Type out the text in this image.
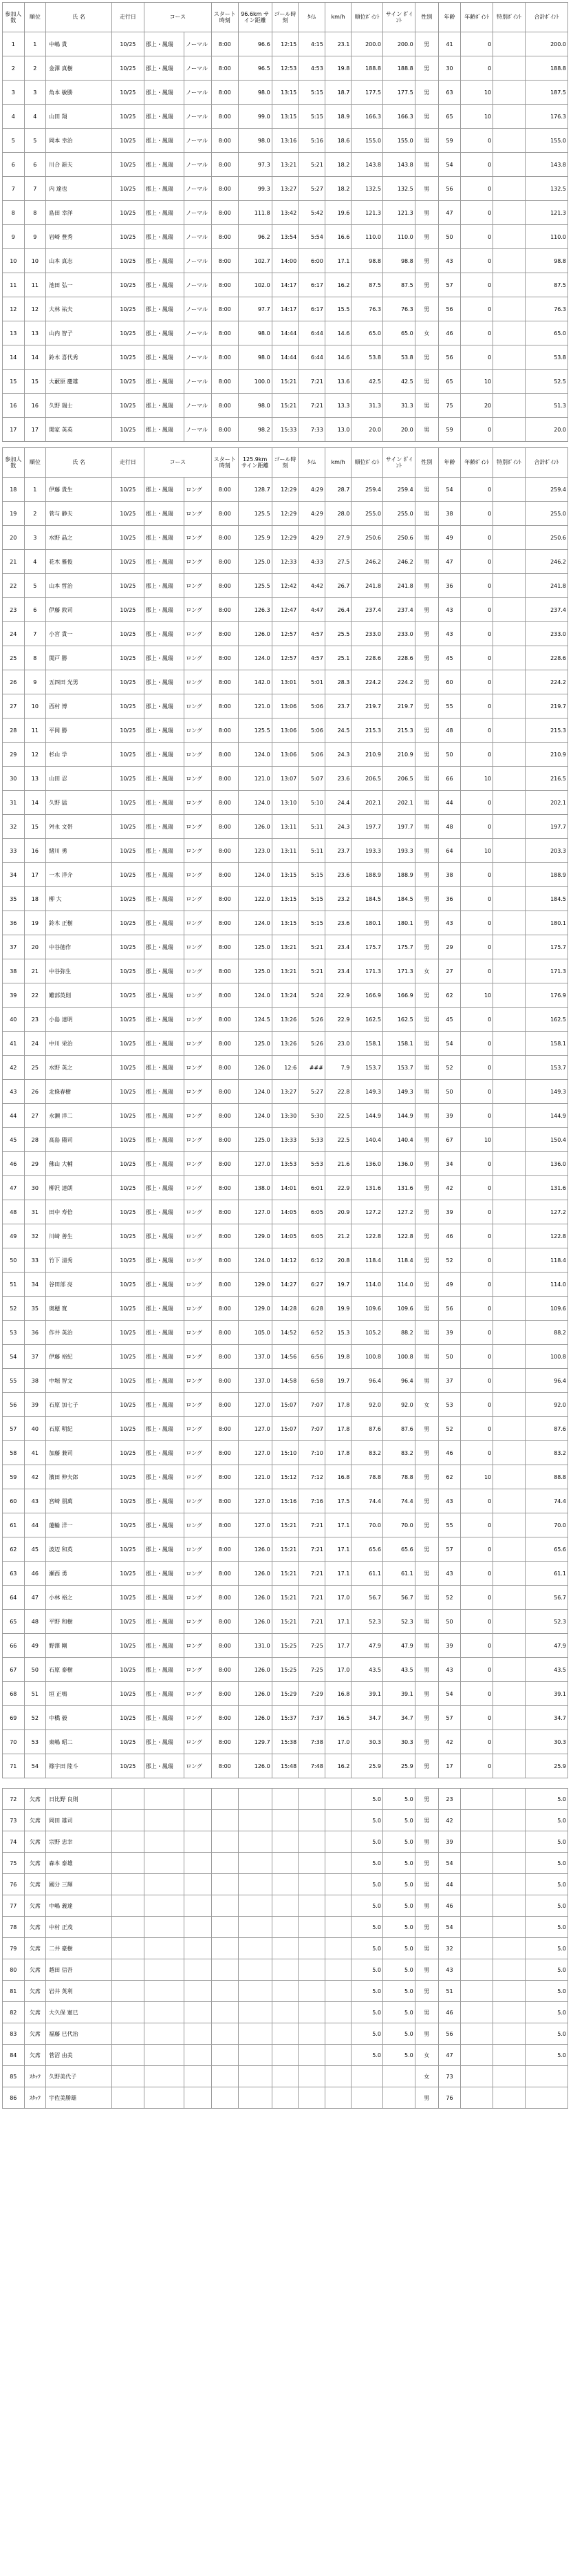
参加人数	順位	氏 名	走行日	コース		スタート時刻	96.6km サイン距離	ゴール時刻	ﾀｲﾑ	km/h	順位ﾎﾟｲﾝﾄ	サイン ﾎﾟｲﾝﾄ	性別	年齢	年齢ﾎﾟｲﾝﾄ	特別ﾎﾟｲﾝﾄ	合計ﾎﾟｲﾝﾄ
1	1	中嶋 貴	10/25	郡上・鳳瑞	ノーマル	8:00	96.6	12:15	4:15	23.1	200.0	200.0	男	41	0		200.0
2	2	金澤 真樹	10/25	郡上・鳳瑞	ノーマル	8:00	96.5	12:53	4:53	19.8	188.8	188.8	男	30	0		188.8
3	3	角本 敏勝	10/25	郡上・鳳瑞	ノーマル	8:00	98.0	13:15	5:15	18.7	177.5	177.5	男	63	10		187.5
4	4	山田 翔	10/25	郡上・鳳瑞	ノーマル	8:00	99.0	13:15	5:15	18.9	166.3	166.3	男	65	10		176.3
5	5	岡本 幸治	10/25	郡上・鳳瑞	ノーマル	8:00	98.0	13:16	5:16	18.6	155.0	155.0	男	59	0		155.0
6	6	川合 新夫	10/25	郡上・鳳瑞	ノーマル	8:00	97.3	13:21	5:21	18.2	143.8	143.8	男	54	0		143.8
7	7	内 達也	10/25	郡上・鳳瑞	ノーマル	8:00	99.3	13:27	5:27	18.2	132.5	132.5	男	56	0		132.5
8	8	島田 幸洋	10/25	郡上・鳳瑞	ノーマル	8:00	111.8	13:42	5:42	19.6	121.3	121.3	男	47	0		121.3
9	9	岩崎 豊秀	10/25	郡上・鳳瑞	ノーマル	8:00	96.2	13:54	5:54	16.6	110.0	110.0	男	50	0		110.0
10	10	山本 真志	10/25	郡上・鳳瑞	ノーマル	8:00	102.7	14:00	6:00	17.1	98.8	98.8	男	43	0		98.8
11	11	池田 弘一	10/25	郡上・鳳瑞	ノーマル	8:00	102.0	14:17	6:17	16.2	87.5	87.5	男	57	0		87.5
12	12	大林 祐夫	10/25	郡上・鳳瑞	ノーマル	8:00	97.7	14:17	6:17	15.5	76.3	76.3	男	56	0		76.3
13	13	山内 智子	10/25	郡上・鳳瑞	ノーマル	8:00	98.0	14:44	6:44	14.6	65.0	65.0	女	46	0		65.0
14	14	鈴木 喜代秀	10/25	郡上・鳳瑞	ノーマル	8:00	98.0	14:44	6:44	14.6	53.8	53.8	男	56	0		53.8
15	15	大藪原 慶雄	10/25	郡上・鳳瑞	ノーマル	8:00	100.0	15:21	7:21	13.6	42.5	42.5	男	65	10		52.5
16	16	久野 瑞士	10/25	郡上・鳳瑞	ノーマル	8:00	98.0	15:21	7:21	13.3	31.3	31.3	男	75	20		51.3
17	17	関家 英英	10/25	郡上・鳳瑞	ノーマル	8:00	98.2	15:33	7:33	13.0	20.0	20.0	男	59	0		20.0
参加人数	順位	氏 名	走行日	コース		スタート時刻	125.9km サイン距離	ゴール時刻	ﾀｲﾑ	km/h	順位ﾎﾟｲﾝﾄ	サイン ﾎﾟｲﾝﾄ	性別	年齢	年齢ﾎﾟｲﾝﾄ	特別ﾎﾟｲﾝﾄ	合計ﾎﾟｲﾝﾄ
18	1	伊藤 貴生	10/25	郡上・鳳瑞	ロング	8:00	128.7	12:29	4:29	28.7	259.4	259.4	男	54	0		259.4
19	2	菅与 静夫	10/25	郡上・鳳瑞	ロング	8:00	125.5	12:29	4:29	28.0	255.0	255.0	男	38	0		255.0
20	3	水野 晶之	10/25	郡上・鳳瑞	ロング	8:00	125.9	12:29	4:29	27.9	250.6	250.6	男	49	0		250.6
21	4	花木 雅俊	10/25	郡上・鳳瑞	ロング	8:00	125.0	12:33	4:33	27.5	246.2	246.2	男	47	0		246.2
22	5	山本 哲治	10/25	郡上・鳳瑞	ロング	8:00	125.5	12:42	4:42	26.7	241.8	241.8	男	36	0		241.8
23	6	伊藤 敦司	10/25	郡上・鳳瑞	ロング	8:00	126.3	12:47	4:47	26.4	237.4	237.4	男	43	0		237.4
24	7	小宮 貴一	10/25	郡上・鳳瑞	ロング	8:00	126.0	12:57	4:57	25.5	233.0	233.0	男	43	0		233.0
25	8	関戸 勝	10/25	郡上・鳳瑞	ロング	8:00	124.0	12:57	4:57	25.1	228.6	228.6	男	45	0		228.6
26	9	五四田 光男	10/25	郡上・鳳瑞	ロング	8:00	142.0	13:01	5:01	28.3	224.2	224.2	男	60	0		224.2
27	10	西村 博	10/25	郡上・鳳瑞	ロング	8:00	121.0	13:06	5:06	23.7	219.7	219.7	男	55	0		219.7
28	11	平岡 勝	10/25	郡上・鳳瑞	ロング	8:00	125.5	13:06	5:06	24.5	215.3	215.3	男	48	0		215.3
29	12	杉山 学	10/25	郡上・鳳瑞	ロング	8:00	124.0	13:06	5:06	24.3	210.9	210.9	男	50	0		210.9
30	13	山田 忍	10/25	郡上・鳳瑞	ロング	8:00	121.0	13:07	5:07	23.6	206.5	206.5	男	66	10		216.5
31	14	久野 猛	10/25	郡上・鳳瑞	ロング	8:00	124.0	13:10	5:10	24.4	202.1	202.1	男	44	0		202.1
32	15	舛永 文帯	10/25	郡上・鳳瑞	ロング	8:00	126.0	13:11	5:11	24.3	197.7	197.7	男	48	0		197.7
33	16	緒川 勇	10/25	郡上・鳳瑞	ロング	8:00	123.0	13:11	5:11	23.7	193.3	193.3	男	64	10		203.3
34	17	一木 洋介	10/25	郡上・鳳瑞	ロング	8:00	124.0	13:15	5:15	23.6	188.9	188.9	男	38	0		188.9
35	18	柳 大	10/25	郡上・鳳瑞	ロング	8:00	122.0	13:15	5:15	23.2	184.5	184.5	男	36	0		184.5
36	19	鈴木 正樹	10/25	郡上・鳳瑞	ロング	8:00	124.0	13:15	5:15	23.6	180.1	180.1	男	43	0		180.1
37	20	中谷徳作	10/25	郡上・鳳瑞	ロング	8:00	125.0	13:21	5:21	23.4	175.7	175.7	男	29	0		175.7
38	21	中谷弥生	10/25	郡上・鳳瑞	ロング	8:00	125.0	13:21	5:21	23.4	171.3	171.3	女	27	0		171.3
39	22	難部英則	10/25	郡上・鳳瑞	ロング	8:00	124.0	13:24	5:24	22.9	166.9	166.9	男	62	10		176.9
40	23	小島 達明	10/25	郡上・鳳瑞	ロング	8:00	124.5	13:26	5:26	22.9	162.5	162.5	男	45	0		162.5
41	24	中川 栄治	10/25	郡上・鳳瑞	ロング	8:00	125.0	13:26	5:26	23.0	158.1	158.1	男	54	0		158.1
42	25	水野 英之	10/25	郡上・鳳瑞	ロング	8:00	126.0	12:6	###	7.9	153.7	153.7	男	52	0		153.7
43	26	北條春樹	10/25	郡上・鳳瑞	ロング	8:00	124.0	13:27	5:27	22.8	149.3	149.3	男	50	0		149.3
44	27	永瀬 洋二	10/25	郡上・鳳瑞	ロング	8:00	124.0	13:30	5:30	22.5	144.9	144.9	男	39	0		144.9
45	28	高島 陽司	10/25	郡上・鳳瑞	ロング	8:00	125.0	13:33	5:33	22.5	140.4	140.4	男	67	10		150.4
46	29	佛山 大輔	10/25	郡上・鳳瑞	ロング	8:00	127.0	13:53	5:53	21.6	136.0	136.0	男	34	0		136.0
47	30	柳沢 達朗	10/25	郡上・鳳瑞	ロング	8:00	138.0	14:01	6:01	22.9	131.6	131.6	男	42	0		131.6
48	31	田中 寿倍	10/25	郡上・鳳瑞	ロング	8:00	127.0	14:05	6:05	20.9	127.2	127.2	男	39	0		127.2
49	32	川﨑 善生	10/25	郡上・鳳瑞	ロング	8:00	129.0	14:05	6:05	21.2	122.8	122.8	男	46	0		122.8
50	33	竹下 清秀	10/25	郡上・鳳瑞	ロング	8:00	124.0	14:12	6:12	20.8	118.4	118.4	男	52	0		118.4
51	34	谷田部 亮	10/25	郡上・鳳瑞	ロング	8:00	129.0	14:27	6:27	19.7	114.0	114.0	男	49	0		114.0
52	35	奥穂 寛	10/25	郡上・鳳瑞	ロング	8:00	129.0	14:28	6:28	19.9	109.6	109.6	男	56	0		109.6
53	36	作井 英治	10/25	郡上・鳳瑞	ロング	8:00	105.0	14:52	6:52	15.3	105.2	88.2	男	39	0		88.2
54	37	伊藤 裕紀	10/25	郡上・鳳瑞	ロング	8:00	137.0	14:56	6:56	19.8	100.8	100.8	男	50	0		100.8
55	38	中堀 智文	10/25	郡上・鳳瑞	ロング	8:00	137.0	14:58	6:58	19.7	96.4	96.4	男	37	0		96.4
56	39	石原 加七子	10/25	郡上・鳳瑞	ロング	8:00	127.0	15:07	7:07	17.8	92.0	92.0	女	53	0		92.0
57	40	石原 明紀	10/25	郡上・鳳瑞	ロング	8:00	127.0	15:07	7:07	17.8	87.6	87.6	男	52	0		87.6
58	41	加藤 兼司	10/25	郡上・鳳瑞	ロング	8:00	127.0	15:10	7:10	17.8	83.2	83.2	男	46	0		83.2
59	42	濱田 伸夫郎	10/25	郡上・鳳瑞	ロング	8:00	121.0	15:12	7:12	16.8	78.8	78.8	男	62	10		88.8
60	43	宮崎 朋萬	10/25	郡上・鳳瑞	ロング	8:00	127.0	15:16	7:16	17.5	74.4	74.4	男	43	0		74.4
61	44	蓮輪 洋一	10/25	郡上・鳳瑞	ロング	8:00	127.0	15:21	7:21	17.1	70.0	70.0	男	55	0		70.0
62	45	波辺 和英	10/25	郡上・鳳瑞	ロング	8:00	126.0	15:21	7:21	17.1	65.6	65.6	男	57	0		65.6
63	46	瀬西 勇	10/25	郡上・鳳瑞	ロング	8:00	126.0	15:21	7:21	17.1	61.1	61.1	男	43	0		61.1
64	47	小林 裕之	10/25	郡上・鳳瑞	ロング	8:00	126.0	15:21	7:21	17.0	56.7	56.7	男	52	0		56.7
65	48	平野 和樹	10/25	郡上・鳳瑞	ロング	8:00	126.0	15:21	7:21	17.1	52.3	52.3	男	50	0		52.3
66	49	野澤 剛	10/25	郡上・鳳瑞	ロング	8:00	131.0	15:25	7:25	17.7	47.9	47.9	男	39	0		47.9
67	50	石原 泰樹	10/25	郡上・鳳瑞	ロング	8:00	126.0	15:25	7:25	17.0	43.5	43.5	男	43	0		43.5
68	51	垣 正鳴	10/25	郡上・鳳瑞	ロング	8:00	126.0	15:29	7:29	16.8	39.1	39.1	男	54	0		39.1
69	52	中橋 毅	10/25	郡上・鳳瑞	ロング	8:00	126.0	15:37	7:37	16.5	34.7	34.7	男	57	0		34.7
70	53	東嶋 昭二	10/25	郡上・鳳瑞	ロング	8:00	129.7	15:38	7:38	17.0	30.3	30.3	男	42	0		30.3
71	54	篠宇田 陸斗	10/25	郡上・鳳瑞	ロング	8:00	126.0	15:48	7:48	16.2	25.9	25.9	男	17	0		25.9

72	欠席	日比野 良則									5.0	5.0	男	23			5.0
73	欠席	岡田 雄司									5.0	5.0	男	42			5.0
74	欠席	宗野 忠幸									5.0	5.0	男	39			5.0
75	欠席	森本 泰雄									5.0	5.0	男	54			5.0
76	欠席	國分 三輝									5.0	5.0	男	44			5.0
77	欠席	中嶋 義達									5.0	5.0	男	46			5.0
78	欠席	中村 正茂									5.0	5.0	男	54			5.0
79	欠席	二井 豪樹									5.0	5.0	男	32			5.0
80	欠席	越田 信吾									5.0	5.0	男	43			5.0
81	欠席	岩井 英利									5.0	5.0	男	51			5.0
82	欠席	大久保 憲巳									5.0	5.0	男	46			5.0
83	欠席	福藤 巳代治									5.0	5.0	男	56			5.0
84	欠席	菅沼 由美									5.0	5.0	女	47			5.0
85	ｽﾀｯﾌ	久野美代子											女	73			
86	ｽﾀｯﾌ	宇佐美勝雄											男	76			
